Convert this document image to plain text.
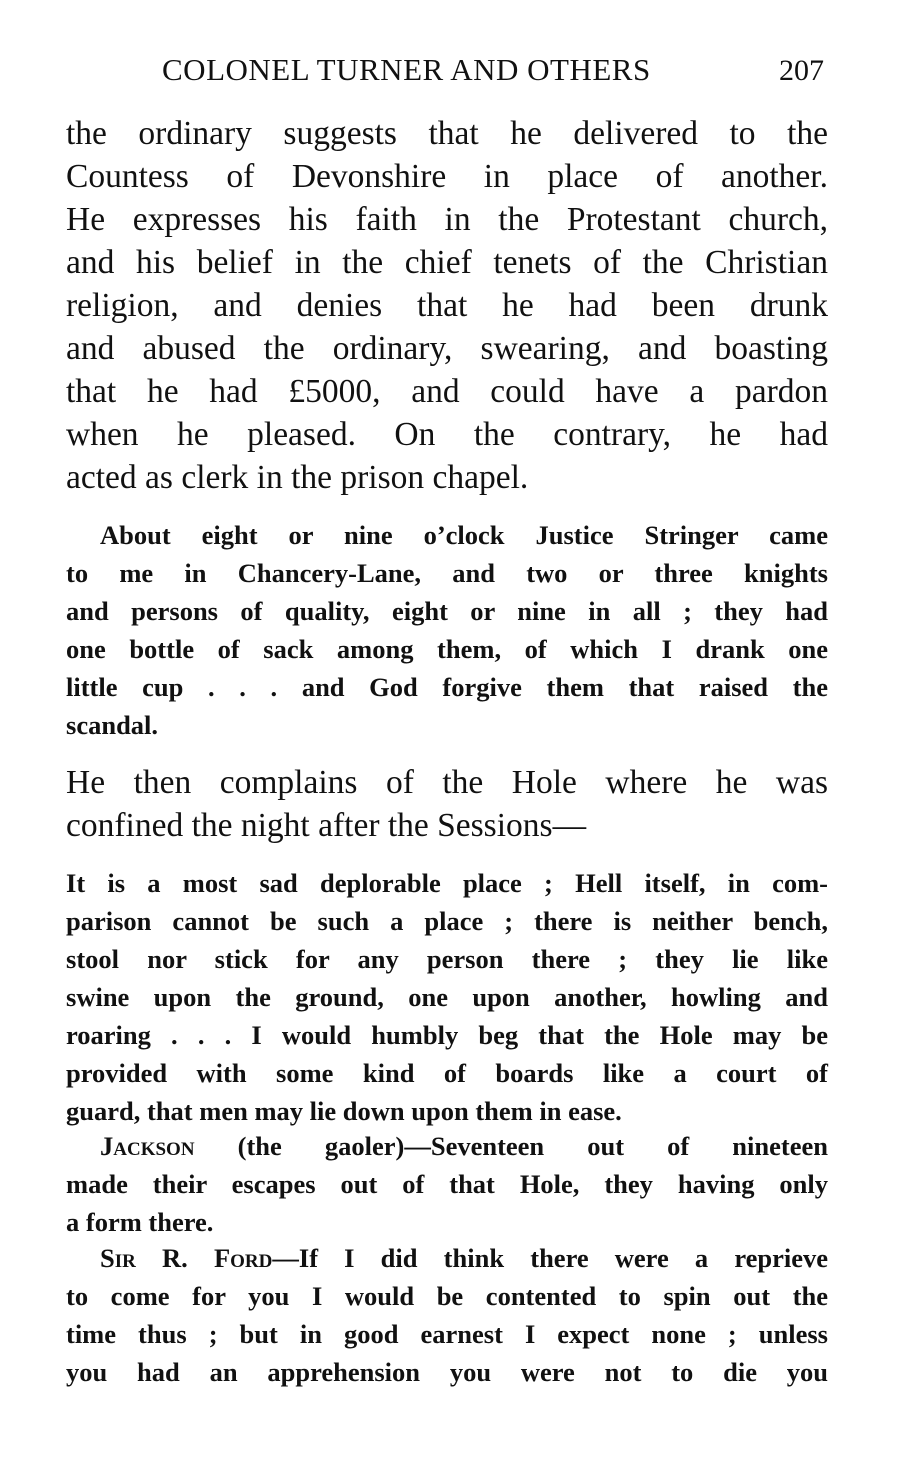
COLONEL TURNER AND OTHERS	207
the ordinary suggests that he delivered to the
Countess of Devonshire in place of another.
He expresses his faith in the Protestant church,
and his belief in the chief tenets of the Christian
religion, and denies that he had been drunk
and abused the ordinary, swearing, and boasting
that he had £5000, and could have a pardon
when he pleased. On the contrary, he had
acted as clerk in the prison chapel.
About eight or nine o’clock Justice Stringer came
to me in Chancery-Lane, and two or three knights
and persons of quality, eight or nine in all ; they had
one bottle of sack among them, of which I drank one
little cup . . . and God forgive them that raised the
scandal.
He then complains of the Hole where he was
confined the night after the Sessions—
It is a most sad deplorable place ; Hell itself, in com-
parison cannot be such a place ; there is neither bench,
stool nor stick for any person there ; they lie like
swine upon the ground, one upon another, howling and
roaring . . . I would humbly beg that the Hole may be
provided with some kind of boards like a court of
guard, that men may lie down upon them in ease.
Jackson (the gaoler)—Seventeen out of nineteen
made their escapes out of that Hole, they having only
a form there.
Sir R. Ford—If I did think there were a reprieve
to come for you I would be contented to spin out the
time thus ; but in good earnest I expect none ; unless
you had an apprehension you were not to die you
